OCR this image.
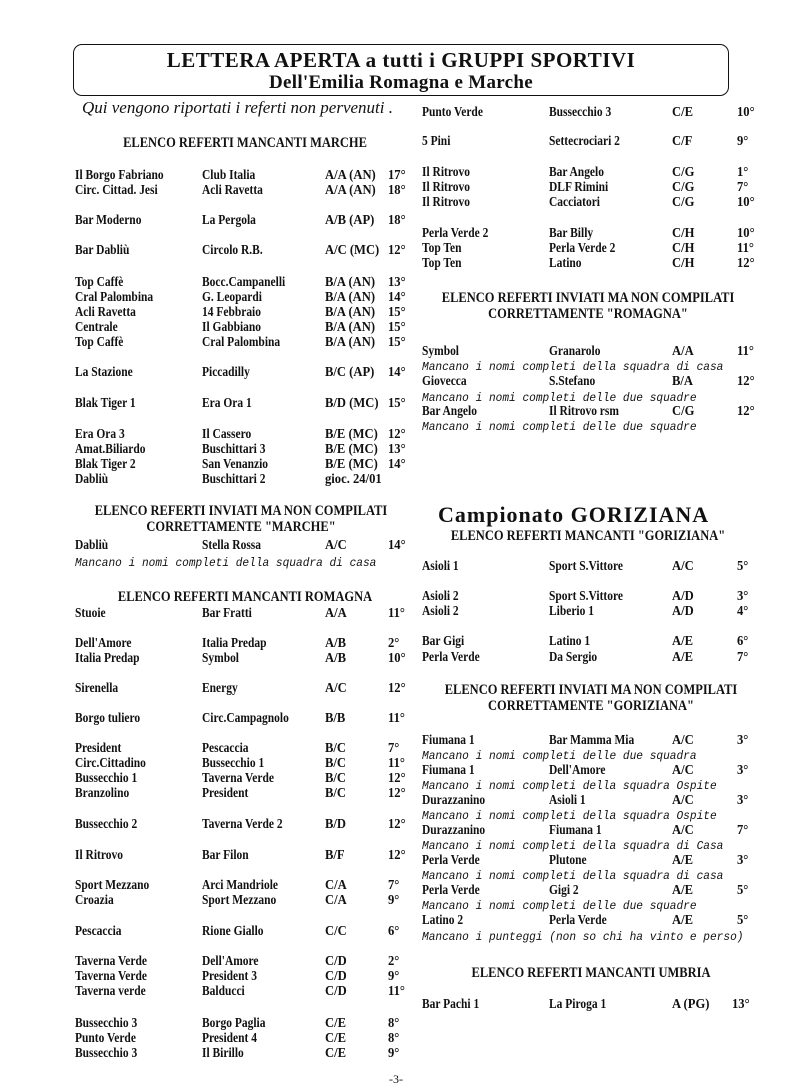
LETTERA APERTA a tutti i GRUPPI SPORTIVI
Dell'Emilia Romagna e Marche
Qui vengono riportati i referti non pervenuti .
ELENCO REFERTI MANCANTI MARCHE
Il Borgo Fabriano	Club Italia	A/A (AN) 17°
Circ. Cittad. Jesi	Acli Ravetta	A/A (AN) 18°
Bar Moderno	La Pergola	A/B (AP) 18°
Bar Dabliù	Circolo R.B.	A/C (MC) 12°
Top Caffè	Bocc.Campanelli	B/A (AN) 13°
Cral Palombina	G. Leopardi	B/A (AN) 14°
Acli Ravetta	14 Febbraio	B/A (AN) 15°
Centrale	Il Gabbiano	B/A (AN) 15°
Top Caffè	Cral Palombina	B/A (AN) 15°
La Stazione	Piccadilly	B/C (AP) 14°
Blak Tiger 1	Era Ora 1	B/D (MC) 15°
Era Ora 3	Il Cassero	B/E (MC) 12°
Amat.Biliardo	Buschittari 3	B/E (MC) 13°
Blak Tiger 2	San Venanzio	B/E (MC) 14°
Dabliù	Buschittari 2	gioc. 24/01
ELENCO REFERTI INVIATI MA NON COMPILATI
CORRETTAMENTE "MARCHE"
Dabliù	Stella Rossa	A/C	14°
Mancano i nomi completi della squadra di casa
ELENCO REFERTI MANCANTI ROMAGNA
Stuoie	Bar Fratti	A/A	11°
Dell'Amore	Italia Predap	A/B	2°
Italia Predap	Symbol	A/B	10°
Sirenella	Energy	A/C	12°
Borgo tuliero	Circ.Campagnolo	B/B	11°
President	Pescaccia	B/C	7°
Circ.Cittadino	Bussecchio 1	B/C	11°
Bussecchio 1	Taverna Verde	B/C	12°
Branzolino	President	B/C	12°
Bussecchio 2	Taverna Verde 2	B/D	12°
Il Ritrovo	Bar Filon	B/F	12°
Sport Mezzano	Arci Mandriole	C/A	7°
Croazia	Sport Mezzano	C/A	9°
Pescaccia	Rione Giallo	C/C	6°
Taverna Verde	Dell'Amore	C/D	2°
Taverna Verde	President 3	C/D	9°
Taverna verde	Balducci	C/D	11°
Bussecchio 3	Borgo Paglia	C/E	8°
Punto Verde	President 4	C/E	8°
Bussecchio 3	Il Birillo	C/E	9°
Punto Verde	Bussecchio 3	C/E	10°
5 Pini	Settecrociari 2	C/F	9°
Il Ritrovo	Bar Angelo	C/G	1°
Il Ritrovo	DLF Rimini	C/G	7°
Il Ritrovo	Cacciatori	C/G	10°
Perla Verde 2	Bar Billy	C/H	10°
Top Ten	Perla Verde 2	C/H	11°
Top Ten	Latino	C/H	12°
ELENCO REFERTI INVIATI MA NON COMPILATI
CORRETTAMENTE "ROMAGNA"
Symbol	Granarolo	A/A	11°
Mancano i nomi completi della squadra di casa
Giovecca	S.Stefano	B/A	12°
Mancano i nomi completi delle due squadre
Bar Angelo	Il Ritrovo rsm	C/G	12°
Mancano i nomi completi delle due squadre
Campionato GORIZIANA
ELENCO REFERTI MANCANTI "GORIZIANA"
Asioli 1	Sport S.Vittore	A/C	5°
Asioli 2	Sport S.Vittore	A/D	3°
Asioli 2	Liberio 1	A/D	4°
Bar Gigi	Latino 1	A/E	6°
Perla Verde	Da Sergio	A/E	7°
ELENCO REFERTI INVIATI MA NON COMPILATI
CORRETTAMENTE "GORIZIANA"
Fiumana 1	Bar Mamma Mia	A/C	3°
Mancano i nomi completi delle due squadra
Fiumana 1	Dell'Amore	A/C	3°
Mancano i nomi completi della squadra Ospite
Durazzanino	Asioli 1	A/C	3°
Mancano i nomi completi della squadra Ospite
Durazzanino	Fiumana 1	A/C	7°
Mancano i nomi completi della squadra di Casa
Perla Verde	Plutone	A/E	3°
Mancano i nomi completi della squadra di casa
Perla Verde	Gigi 2	A/E	5°
Mancano i nomi completi delle due squadre
Latino 2	Perla Verde	A/E	5°
Mancano i punteggi (non so chi ha vinto e perso)
ELENCO REFERTI MANCANTI UMBRIA
Bar Pachi 1	La Piroga 1	A (PG) 13°
-3-
